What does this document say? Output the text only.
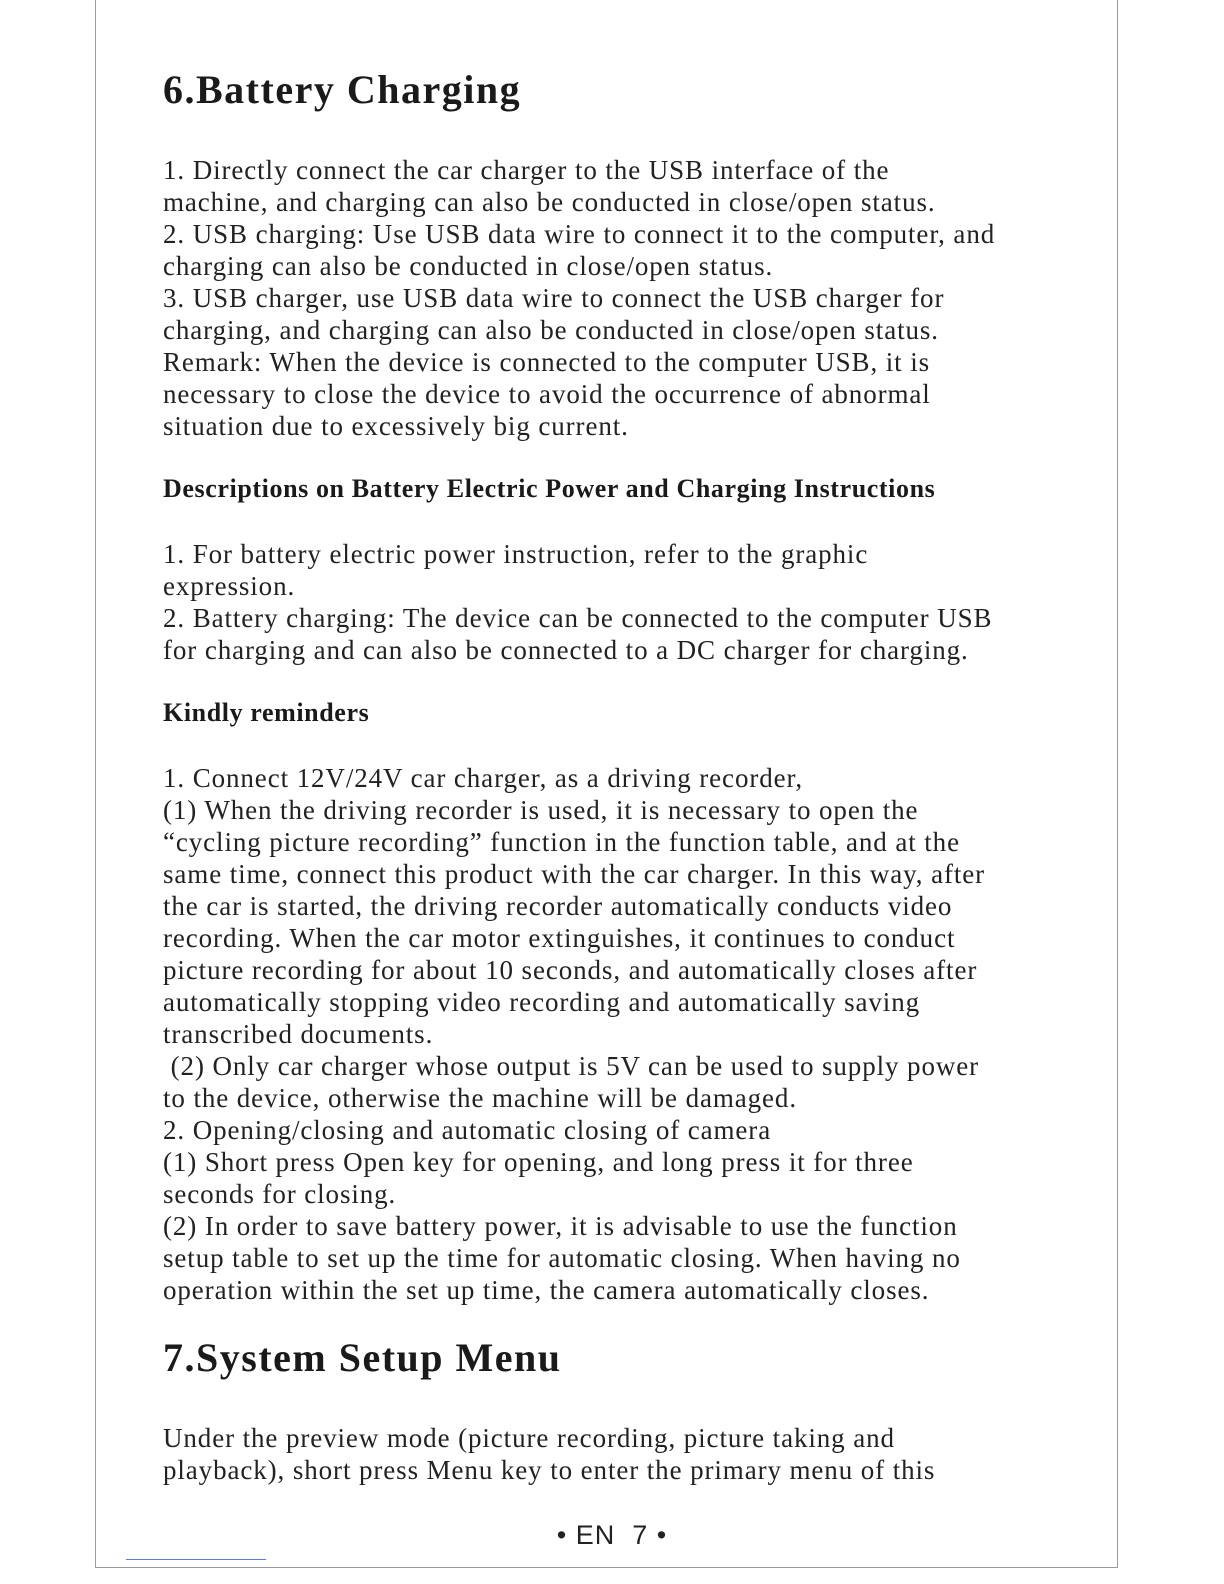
6.Battery Charging
1. Directly connect the car charger to the USB interface of the
machine, and charging can also be conducted in close/open status.
2. USB charging: Use USB data wire to connect it to the computer, and
charging can also be conducted in close/open status.
3. USB charger, use USB data wire to connect the USB charger for
charging, and charging can also be conducted in close/open status.
Remark: When the device is connected to the computer USB, it is
necessary to close the device to avoid the occurrence of abnormal
situation due to excessively big current.
Descriptions on Battery Electric Power and Charging Instructions
1. For battery electric power instruction, refer to the graphic
expression.
2. Battery charging: The device can be connected to the computer USB
for charging and can also be connected to a DC charger for charging.
Kindly reminders
1. Connect 12V/24V car charger, as a driving recorder,
(1) When the driving recorder is used, it is necessary to open the
“cycling picture recording” function in the function table, and at the
same time, connect this product with the car charger. In this way, after
the car is started, the driving recorder automatically conducts video
recording. When the car motor extinguishes, it continues to conduct
picture recording for about 10 seconds, and automatically closes after
automatically stopping video recording and automatically saving
transcribed documents.
(2) Only car charger whose output is 5V can be used to supply power
to the device, otherwise the machine will be damaged.
2. Opening/closing and automatic closing of camera
(1) Short press Open key for opening, and long press it for three
seconds for closing.
(2) In order to save battery power, it is advisable to use the function
setup table to set up the time for automatic closing. When having no
operation within the set up time, the camera automatically closes.
7.System Setup Menu
Under the preview mode (picture recording, picture taking and
playback), short press Menu key to enter the primary menu of this
• EN  7 •
